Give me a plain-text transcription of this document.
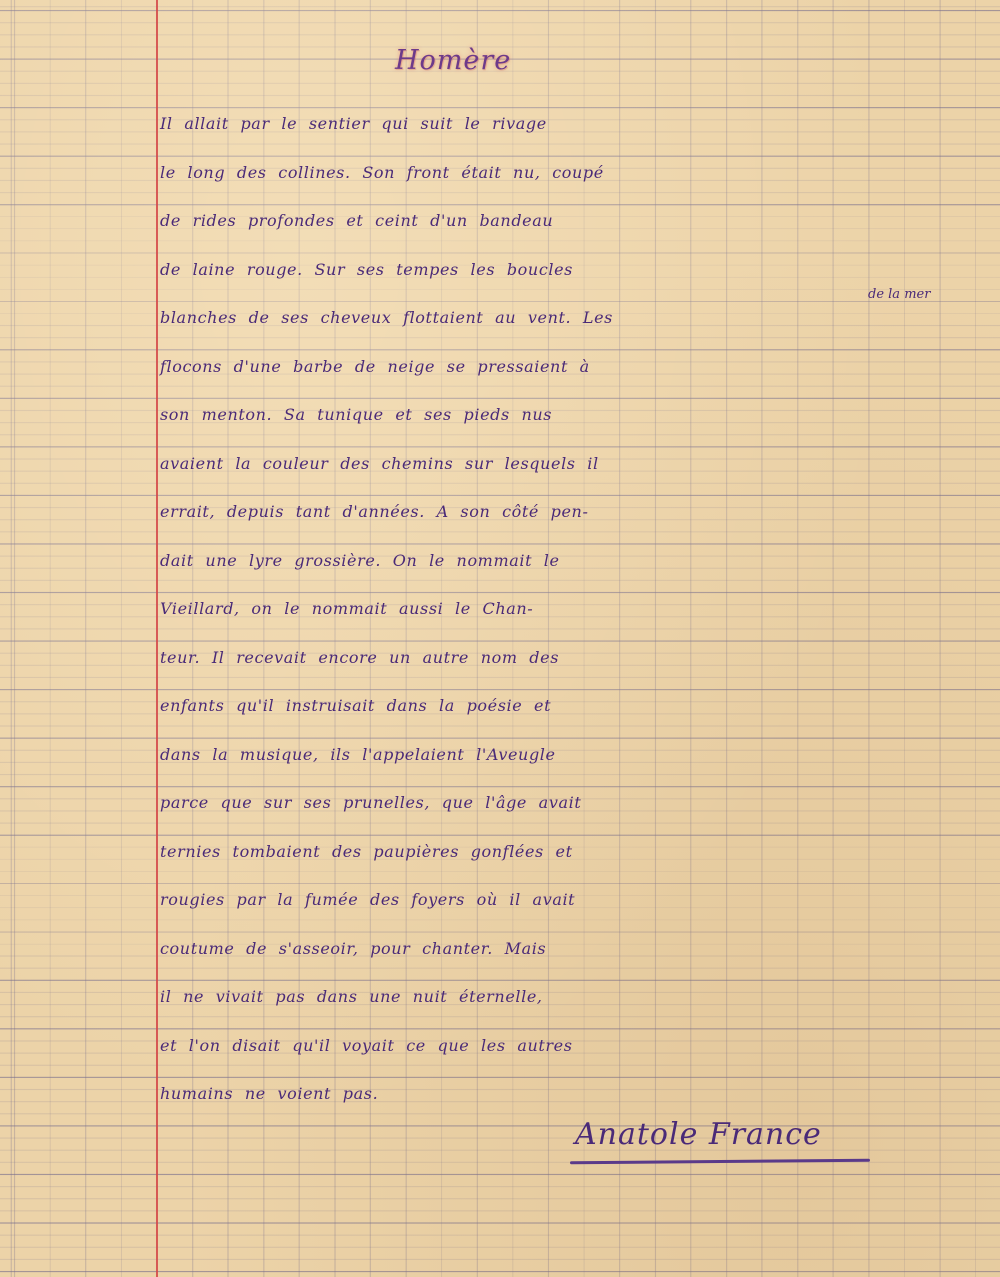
Homère
de la mer
Il allait par le sentier qui suit le rivage
le long des collines. Son front était nu, coupé
de rides profondes et ceint d'un bandeau
de laine rouge. Sur ses tempes les boucles
blanches de ses cheveux flottaient au vent. Les
flocons d'une barbe de neige se pressaient à
son menton. Sa tunique et ses pieds nus
avaient la couleur des chemins sur lesquels il
errait, depuis tant d'années. A son côté pen-
dait une lyre grossière. On le nommait le
Vieillard, on le nommait aussi le Chan-
teur. Il recevait encore un autre nom des
enfants qu'il instruisait dans la poésie et
dans la musique, ils l'appelaient l'Aveugle
parce que sur ses prunelles, que l'âge avait
ternies tombaient des paupières gonflées et
rougies par la fumée des foyers où il avait
coutume de s'asseoir, pour chanter. Mais
il ne vivait pas dans une nuit éternelle,
et l'on disait qu'il voyait ce que les autres
humains ne voient pas.
Anatole France
